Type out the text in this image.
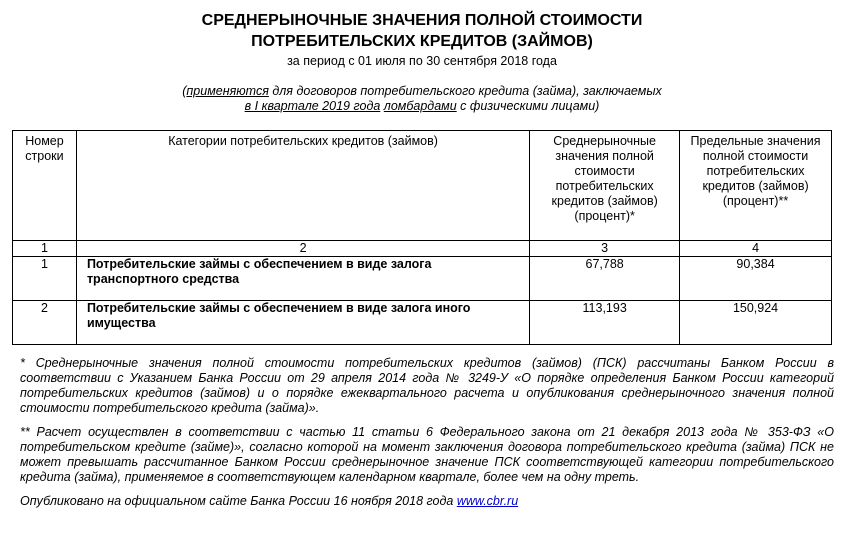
СРЕДНЕРЫНОЧНЫЕ ЗНАЧЕНИЯ ПОЛНОЙ СТОИМОСТИ
ПОТРЕБИТЕЛЬСКИХ КРЕДИТОВ (ЗАЙМОВ)
за период с 01 июля по 30 сентября 2018 года
(применяются для договоров потребительского кредита (займа), заключаемых
в I квартале 2019 года ломбардами с физическими лицами)
Номер строки	Категории потребительских кредитов (займов)	Среднерыночные значения полной стоимости потребительских кредитов (займов) (процент)*	Предельные значения полной стоимости потребительских кредитов (займов) (процент)**
1	2	3	4
1	Потребительские займы с обеспечением в виде залога транспортного средства	67,788	90,384
2	Потребительские займы с обеспечением в виде залога иного имущества	113,193	150,924

* Среднерыночные значения полной стоимости потребительских кредитов (займов) (ПСК) рассчитаны Банком России в соответствии с Указанием Банка России от 29 апреля 2014 года № 3249-У «О порядке определения Банком России категорий потребительских кредитов (займов) и о порядке ежеквартального расчета и опубликования среднерыночного значения полной стоимости потребительского кредита (займа)».

** Расчет осуществлен в соответствии с частью 11 статьи 6 Федерального закона от 21 декабря 2013 года № 353-ФЗ «О потребительском кредите (займе)», согласно которой на момент заключения договора потребительского кредита (займа) ПСК не может превышать рассчитанное Банком России среднерыночное значение ПСК соответствующей категории потребительского кредита (займа), применяемое в соответствующем календарном квартале, более чем на одну треть.

Опубликовано на официальном сайте Банка России 16 ноября 2018 года www.cbr.ru
